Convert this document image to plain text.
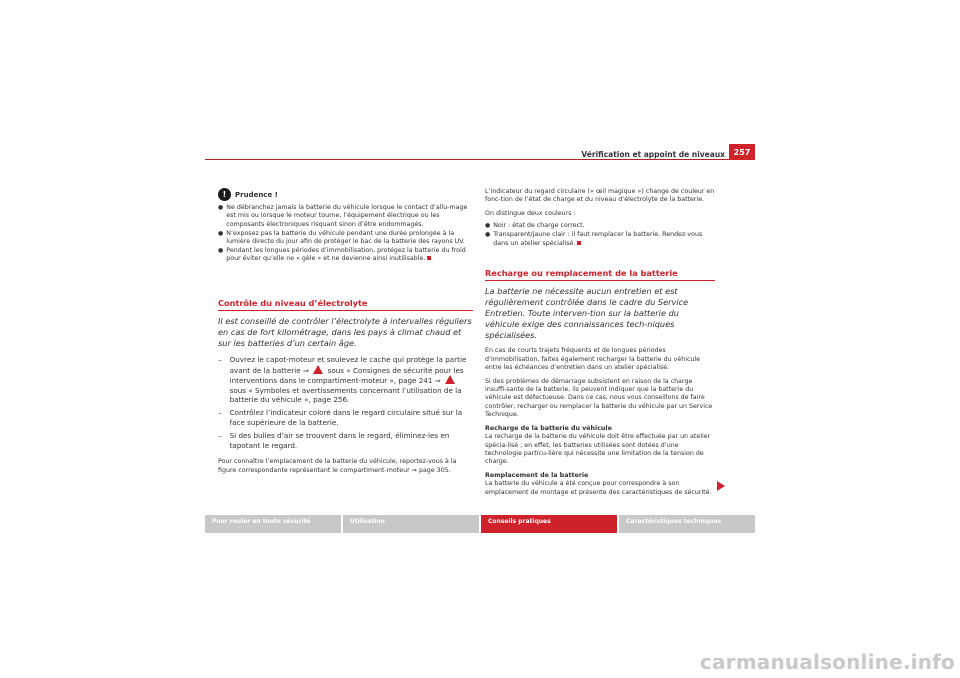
Vérification et appoint de niveaux	257
!	Prudence !
● Ne débranchez jamais la batterie du véhicule lorsque le contact d’allu-mage est mis ou lorsque le moteur tourne, l’équipement électrique ou les composants électroniques risquant sinon d’être endommagés.
● N’exposez pas la batterie du véhicule pendant une durée prolongée à la lumière directe du jour afin de protéger le bac de la batterie des rayons UV.
● Pendant les longues périodes d’immobilisation, protégez la batterie du froid pour éviter qu’elle ne « gèle » et ne devienne ainsi inutilisable.

Contrôle du niveau d’électrolyte

Il est conseillé de contrôler l’électrolyte à intervalles réguliers en cas de fort kilométrage, dans les pays à climat chaud et sur les batteries d’un certain âge.

– Ouvrez le capot-moteur et soulevez le cache qui protège la partie avant de la batterie ⇒	sous « Consignes de sécurité pour les interventions dans le compartiment-moteur », page 241 ⇒  sous « Symboles et avertissements concernant l’utilisation de la batterie du véhicule », page 256.
– Contrôlez l’indicateur coloré dans le regard circulaire situé sur la face supérieure de la batterie.
– Si des bulles d’air se trouvent dans le regard, éliminez-les en tapotant le regard.

Pour connaître l’emplacement de la batterie du véhicule, reportez-vous à la figure correspondante représentant le compartiment-moteur ⇒ page 305.

L’indicateur du regard circulaire (« œil magique ») change de couleur en fonc-tion de l’état de charge et du niveau d’électrolyte de la batterie.

On distingue deux couleurs :

● Noir : état de charge correct.
● Transparent/jaune clair : il faut remplacer la batterie. Rendez-vous dans un atelier spécialisé.

Recharge ou remplacement de la batterie

La batterie ne nécessite aucun entretien et est régulièrement contrôlée dans le cadre du Service Entretien. Toute interven-tion sur la batterie du véhicule exige des connaissances tech-niques spécialisées.

En cas de courts trajets fréquents et de longues périodes d’immobilisation, faites également recharger la batterie du véhicule entre les échéances d’entretien dans un atelier spécialisé.

Si des problèmes de démarrage subsistent en raison de la charge insuffi-sante de la batterie, ils peuvent indiquer que la batterie du véhicule est défectueuse. Dans ce cas, nous vous conseillons de faire contrôler, recharger ou remplacer la batterie du véhicule par un Service Technique.

Recharge de la batterie du véhicule

La recharge de la batterie du véhicule doit être effectuée par un atelier spécia-lisé ; en effet, les batteries utilisées sont dotées d’une technologie particu-lière qui nécessite une limitation de la tension de charge.

Remplacement de la batterie

La batterie du véhicule a été conçue pour correspondre à son emplacement de montage et présente des caractéristiques de sécurité.

Pour rouler en toute sécurité	Utilisation	Conseils pratiques	Caractéristiques techniques
carmanualsonline.info
